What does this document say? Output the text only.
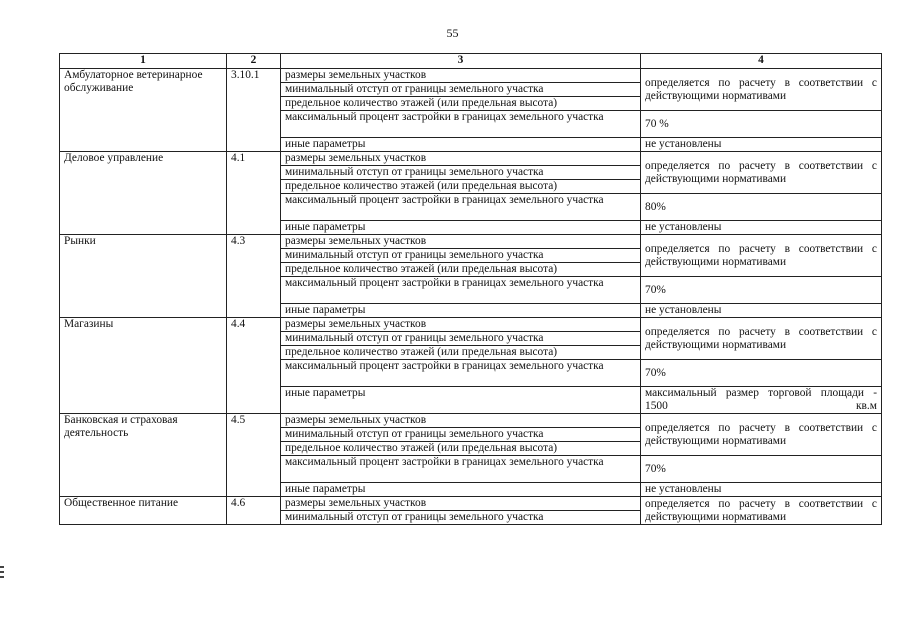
55
1	2	3	4
Амбулаторное ветеринарное обслуживание	3.10.1	размеры земельных участков	определяется по расчету в соответствии с действующими нормативами
		минимальный отступ от границы земельного участка	
		предельное количество этажей (или предельная высота)	
		максимальный процент застройки в границах земельного участка	70 %
		иные параметры	не установлены
Деловое управление	4.1	размеры земельных участков	определяется по расчету в соответствии с действующими нормативами
		минимальный отступ от границы земельного участка	
		предельное количество этажей (или предельная высота)	
		максимальный процент застройки в границах земельного участка	80%
		иные параметры	не установлены
Рынки	4.3	размеры земельных участков	определяется по расчету в соответствии с действующими нормативами
		минимальный отступ от границы земельного участка	
		предельное количество этажей (или предельная высота)	
		максимальный процент застройки в границах земельного участка	70%
		иные параметры	не установлены
Магазины	4.4	размеры земельных участков	определяется по расчету в соответствии с действующими нормативами
		минимальный отступ от границы земельного участка	
		предельное количество этажей (или предельная высота)	
		максимальный процент застройки в границах земельного участка	70%
		иные параметры	максимальный размер торговой площади - 1500 кв.м
Банковская и страховая деятельность	4.5	размеры земельных участков	определяется по расчету в соответствии с действующими нормативами
		минимальный отступ от границы земельного участка	
		предельное количество этажей (или предельная высота)	
		максимальный процент застройки в границах земельного участка	70%
		иные параметры	не установлены
Общественное питание	4.6	размеры земельных участков	определяется по расчету в соответствии с действующими нормативами
		минимальный отступ от границы земельного участка	
